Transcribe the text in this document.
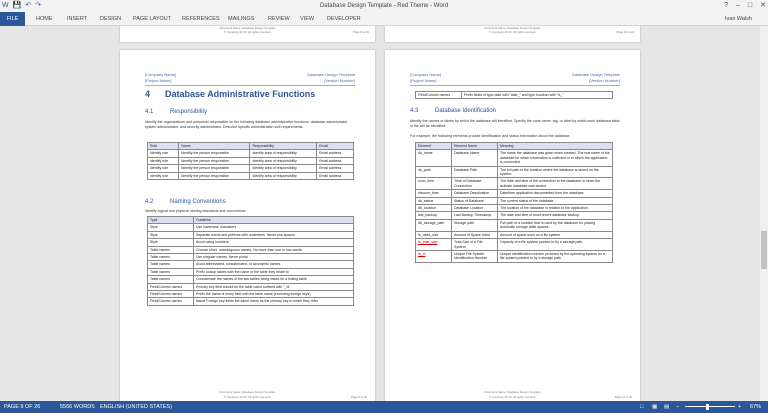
W 💾 ↶ ↷	Database Design Template - Red Theme - Word	? – □ ✕
FILE	HOME	INSERT DESIGN PAGE LAYOUT REFERENCES MAILINGS REVIEW VIEW DEVELOPER	Ivan Walsh
Document Name: Database Design Template
© Company 20 16. All rights reserved.	Page 8 of 26
Document Name: Database Design Template
© Company 20 16. All rights reserved.	Page 10 of 26
[Company Name]
[Project Name]
Database Design Template
[Version Number]
4 Database Administrative Functions
4.1	Responsibility
Identify the organizations and personnel responsible for the following database administrative functions: database administrator, system administrator, and security administrator. Describe specific administration skill requirements.
Role	Name	Responsibility	Email
Identify role	Identify the person responsible	Identify area of responsibility	Email address
Identify role	Identify the person responsible	Identify area of responsibility	Email address
Identify role	Identify the person responsible	Identify area of responsibility	Email address
Identify role	Identify the person responsible	Identify area of responsibility	Email address
4.2	Naming Conventions
Identify logical and physical naming standards and conventions.
Type	Guideline
Style	Use lowercase characters
Style	Separate words and prefixes with underlines. Never use spaces
Style	Avoid using numbers
Table names	Choose short, unambiguous names. No more than one or two words
Table names	Use singular names. Never plural
Table names	Avoid abbreviated, concatenated, or acronymic names
Table names	Prefix lookup tables with the name of the table they relate to
Table names	Concatenate the names of the two tables being linked for a linking table
Field/Column names	Primary key field should be the table name suffixed with "_id"
Field/Column names	Prefix the name of every field with the table name (excluding foreign keys)
Field/Column names	Name Foreign key fields the same name as the primary key to which they refer
Document Name: Database Design Template
© Company 20 16. All rights reserved.	Page 9 of 26
[Company Name]
[Project Name]
Database Design Template
[Version Number]
Field/Column names	Prefix fields of type date with "date_" and type boolean with "is_"
4.3	Database Identification
Identify the names or labels by which the database will identified. Specify the code name, tag, or label by which each database table or file will be identified.
For example, the following elements provide identification and status information about the database.
Element	Element Name	Meaning
db_name	Database Name	The name the database was given when created. The real name of the database for which information is collected or to which the application is connected.
db_path	Database Path	The full path to the location where the database is stored on the system.
conn_time	Time of Database Connection	The date and time of the connection to the database or when the activate database was issued.
disconn_time	Database Deactivation	Date/time application disconnected from the database.
db_status	Status of Database	The current status of the database.
db_location	Database Location	The location of the database in relation to the application.
last_backup	Last Backup Timestamp	The date and time of most recent database backup.
db_storage_path	Storage path	Full path of a location that is used by the database for placing automatic storage table spaces.
fs_used_size	Amount of Space Used	Amount of space used on a file system.
fs_total_size	Total Size of a File System	Capacity of a file system pointed to by a storage path.
fs_id	Unique File System Identification Number	Unique identification number provided by the operating system for a file system pointed to by a storage path.
Document Name: Database Design Template
© Company 20 16. All rights reserved.	Page 11 of 26
PAGE 9 OF 26	5566 WORDS ENGLISH (UNITED STATES)	□ ▦ ▤ −	+ 67%
